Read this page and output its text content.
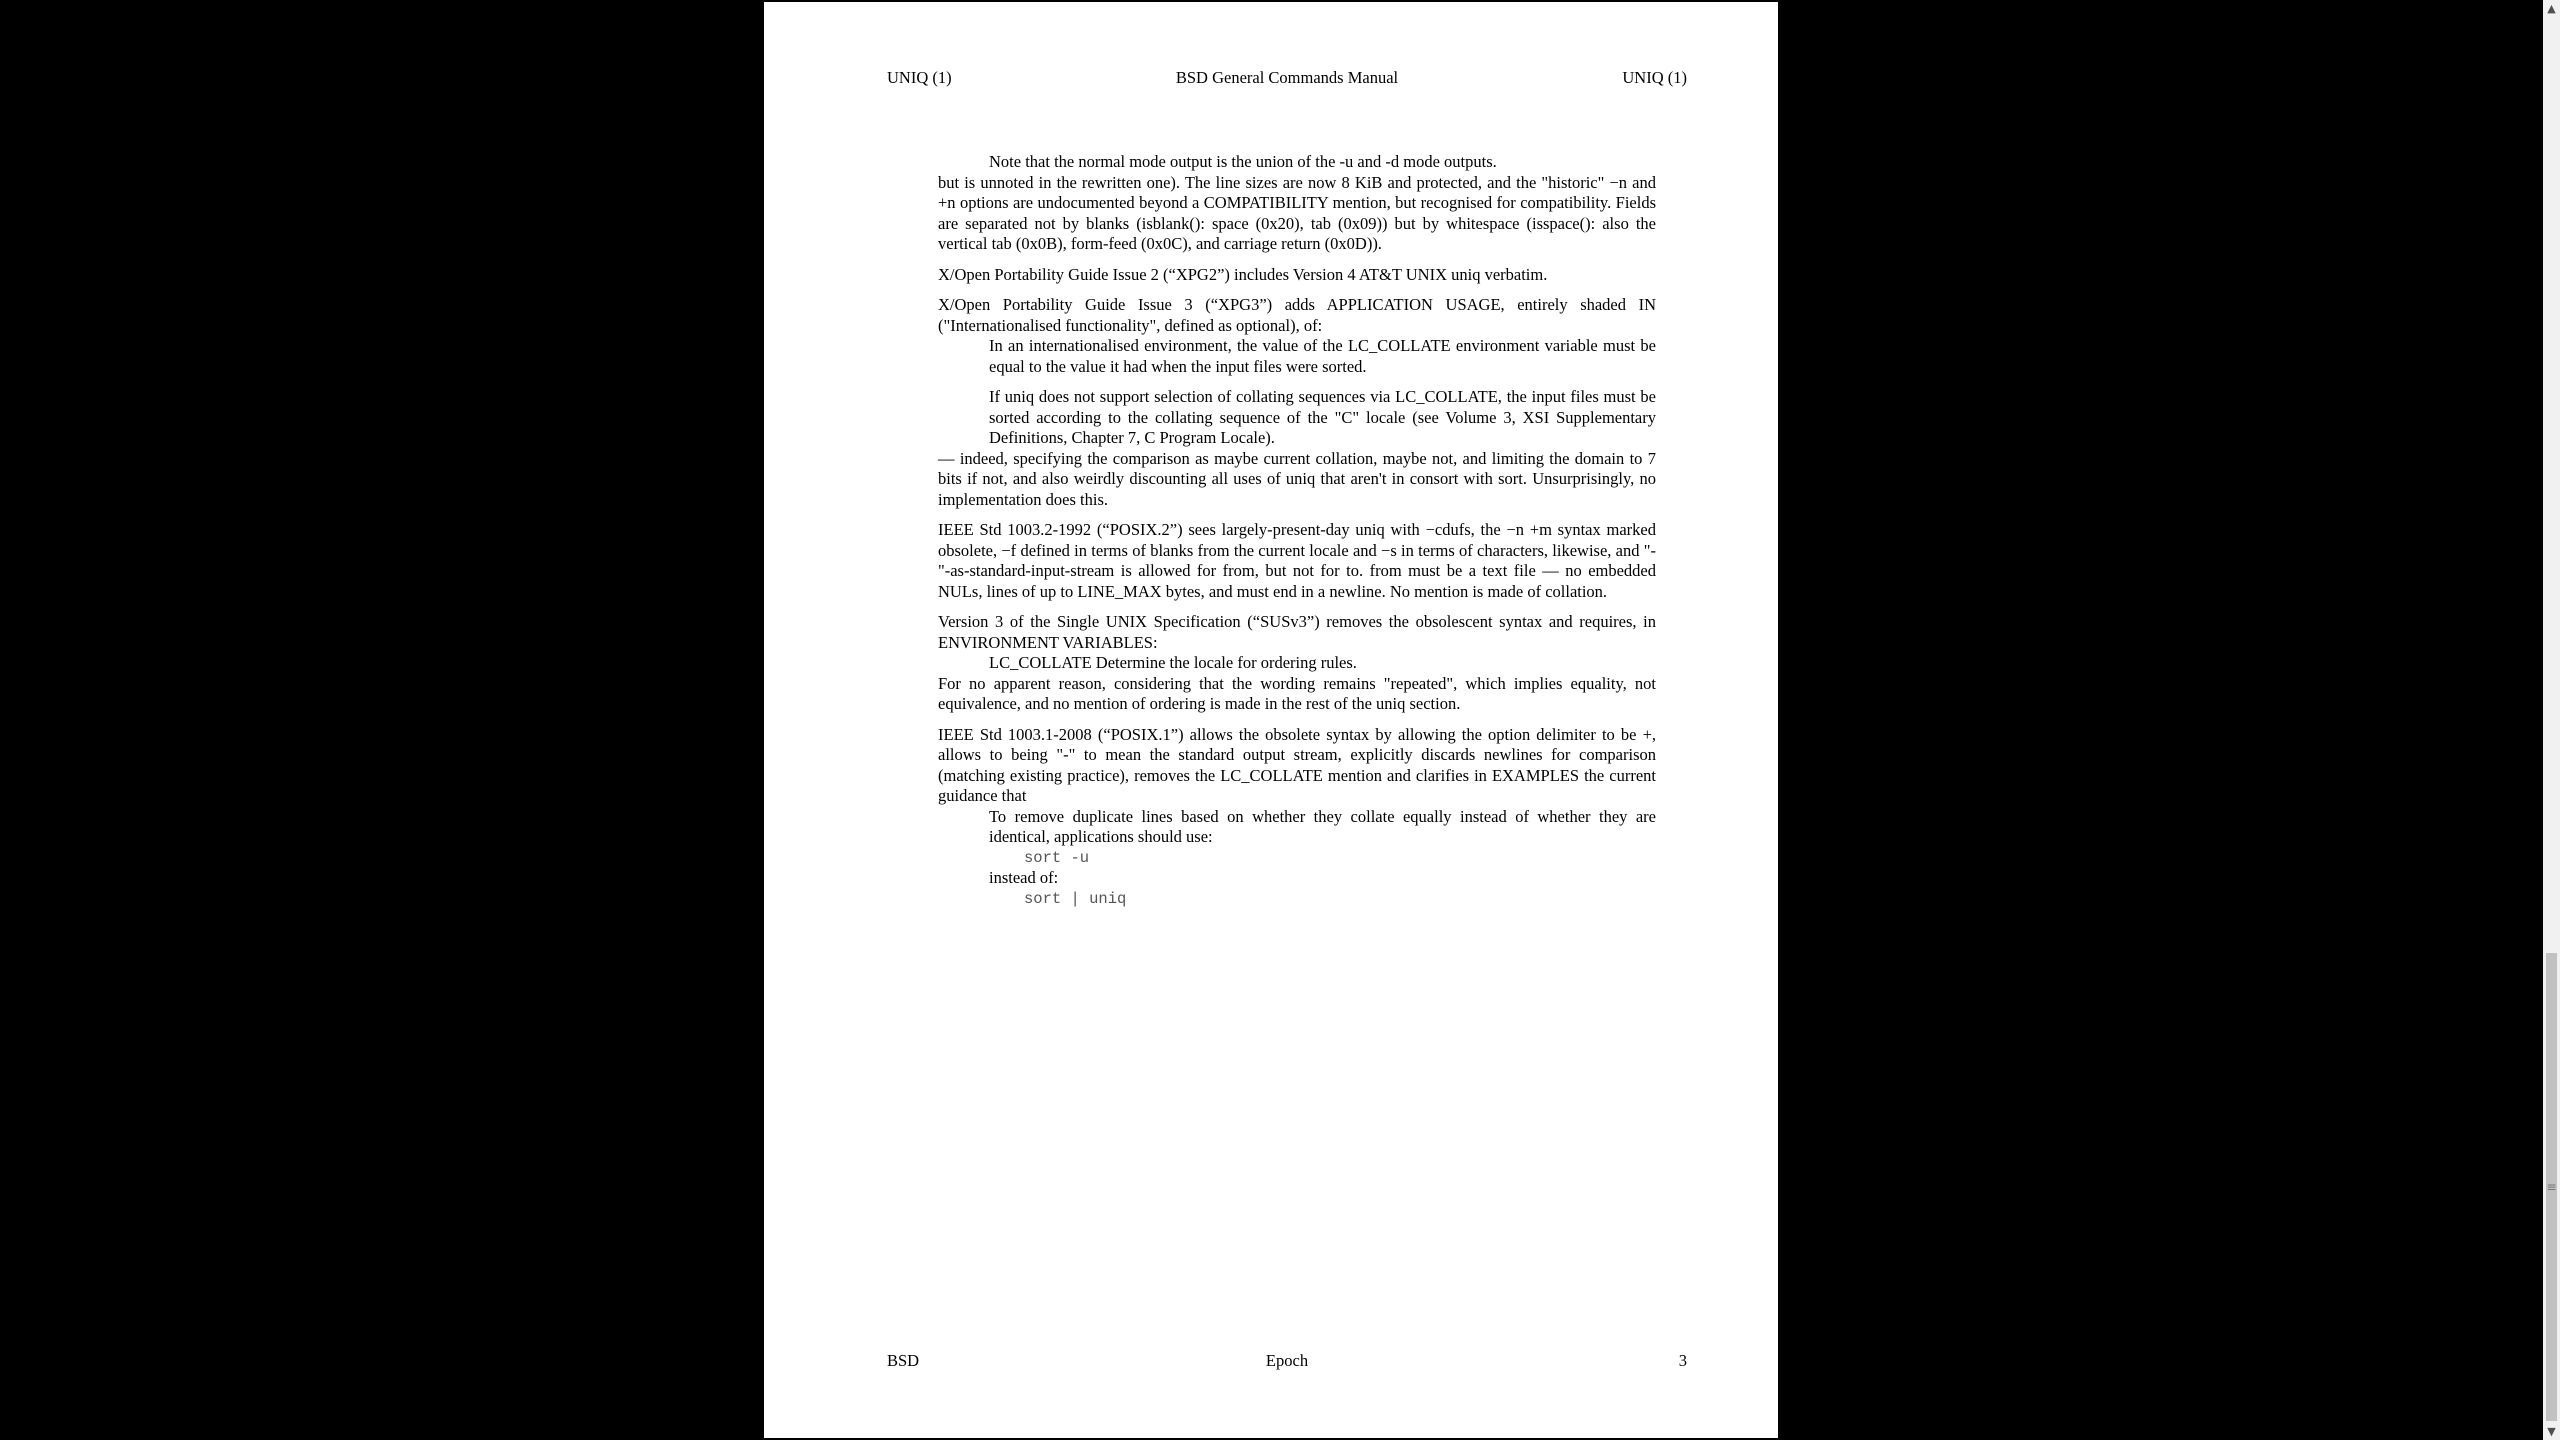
UNIQ (1)	BSD General Commands Manual	UNIQ (1)

Note that the normal mode output is the union of the -u and -d mode outputs.

but is unnoted in the rewritten one). The line sizes are now 8 KiB and protected, and the "historic" −n and +n options are undocumented beyond a COMPATIBILITY mention, but recognised for compatibility. Fields are separated not by blanks (isblank(): space (0x20), tab (0x09)) but by whitespace (isspace(): also the vertical tab (0x0B), form-feed (0x0C), and carriage return (0x0D)).

X/Open Portability Guide Issue 2 (“XPG2”) includes Version 4 AT&T UNIX uniq verbatim.

X/Open Portability Guide Issue 3 (“XPG3”) adds APPLICATION USAGE, entirely shaded IN ("Internationalised functionality", defined as optional), of:

In an internationalised environment, the value of the LC_COLLATE environment variable must be equal to the value it had when the input files were sorted.

If uniq does not support selection of collating sequences via LC_COLLATE, the input files must be sorted according to the collating sequence of the "C" locale (see Volume 3, XSI Supplementary Definitions, Chapter 7, C Program Locale).

— indeed, specifying the comparison as maybe current collation, maybe not, and limiting the domain to 7 bits if not, and also weirdly discounting all uses of uniq that aren't in consort with sort. Unsurprisingly, no implementation does this.

IEEE Std 1003.2-1992 (“POSIX.2”) sees largely-present-day uniq with −cdufs, the −n +m syntax marked obsolete, −f defined in terms of blanks from the current locale and −s in terms of characters, likewise, and "-"-as-standard-input-stream is allowed for from, but not for to. from must be a text file — no embedded NULs, lines of up to LINE_MAX bytes, and must end in a newline. No mention is made of collation.

Version 3 of the Single UNIX Specification (“SUSv3”) removes the obsolescent syntax and requires, in ENVIRONMENT VARIABLES:

LC_COLLATE Determine the locale for ordering rules.

For no apparent reason, considering that the wording remains "repeated", which implies equality, not equivalence, and no mention of ordering is made in the rest of the uniq section.

IEEE Std 1003.1-2008 (“POSIX.1”) allows the obsolete syntax by allowing the option delimiter to be +, allows to being "-" to mean the standard output stream, explicitly discards newlines for comparison (matching existing practice), removes the LC_COLLATE mention and clarifies in EXAMPLES the current guidance that

To remove duplicate lines based on whether they collate equally instead of whether they are identical, applications should use:

sort -u

instead of:

sort | uniq

BSD	Epoch	3
▲
≡
▼
